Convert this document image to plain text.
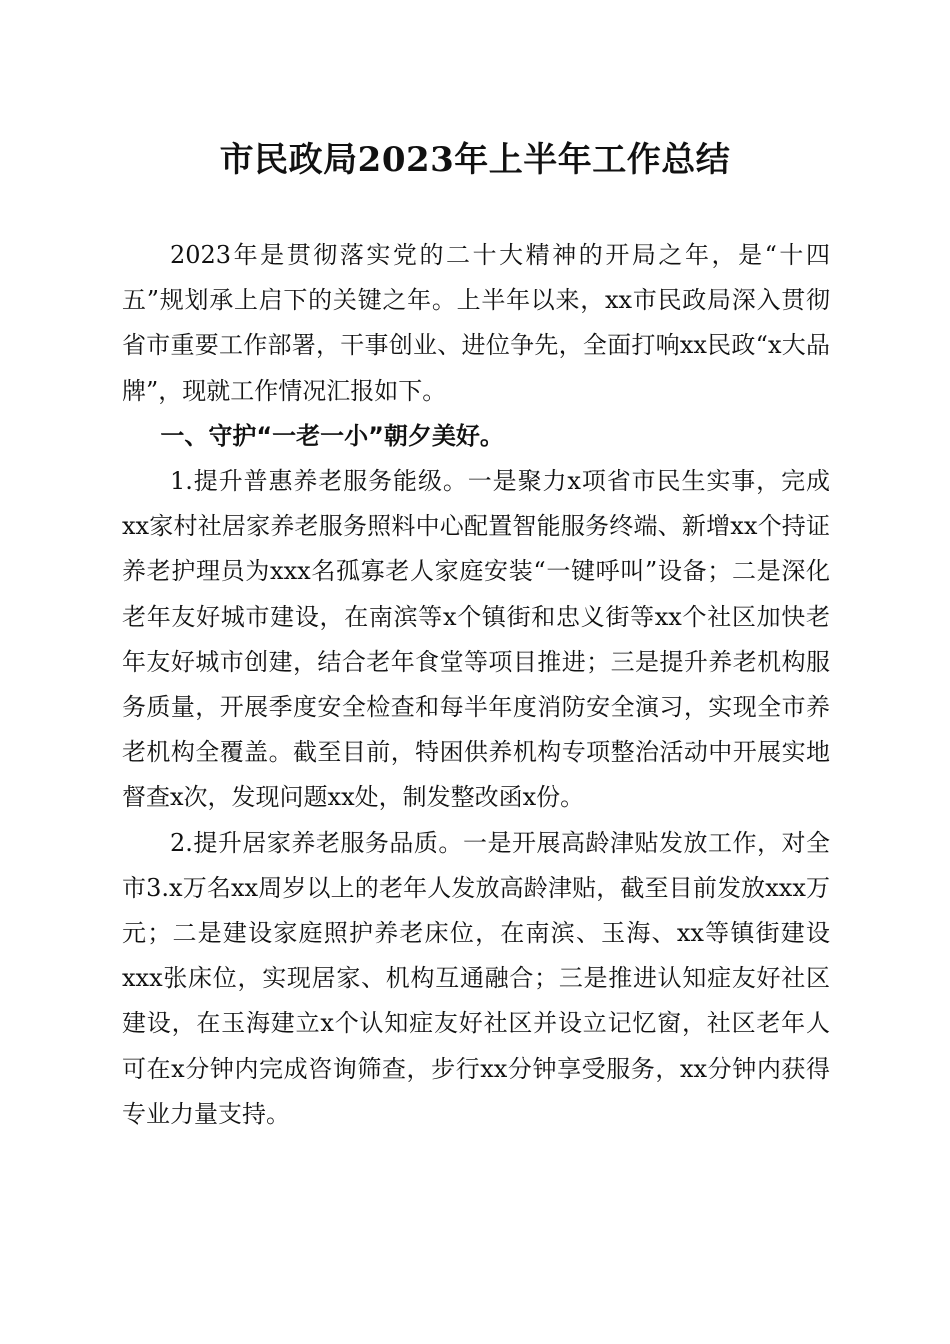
市民政局2023年上半年工作总结

2023年是贯彻落实党的二十大精神的开局之年，是“十四五”规划承上启下的关键之年。上半年以来，xx市民政局深入贯彻省市重要工作部署，干事创业、进位争先，全面打响xx民政“x大品牌”，现就工作情况汇报如下。

一、守护“一老一小”朝夕美好。

1.提升普惠养老服务能级。一是聚力x项省市民生实事，完成xx家村社居家养老服务照料中心配置智能服务终端、新增xx个持证养老护理员为xxx名孤寡老人家庭安装“一键呼叫”设备；二是深化老年友好城市建设，在南滨等x个镇街和忠义街等xx个社区加快老年友好城市创建，结合老年食堂等项目推进；三是提升养老机构服务质量，开展季度安全检查和每半年度消防安全演习，实现全市养老机构全覆盖。截至目前，特困供养机构专项整治活动中开展实地督查x次，发现问题xx处，制发整改函x份。

2.提升居家养老服务品质。一是开展高龄津贴发放工作，对全市3.x万名xx周岁以上的老年人发放高龄津贴，截至目前发放xxx万元；二是建设家庭照护养老床位，在南滨、玉海、xx等镇街建设xxx张床位，实现居家、机构互通融合；三是推进认知症友好社区建设，在玉海建立x个认知症友好社区并设立记忆窗，社区老年人可在x分钟内完成咨询筛查，步行xx分钟享受服务，xx分钟内获得专业力量支持。
